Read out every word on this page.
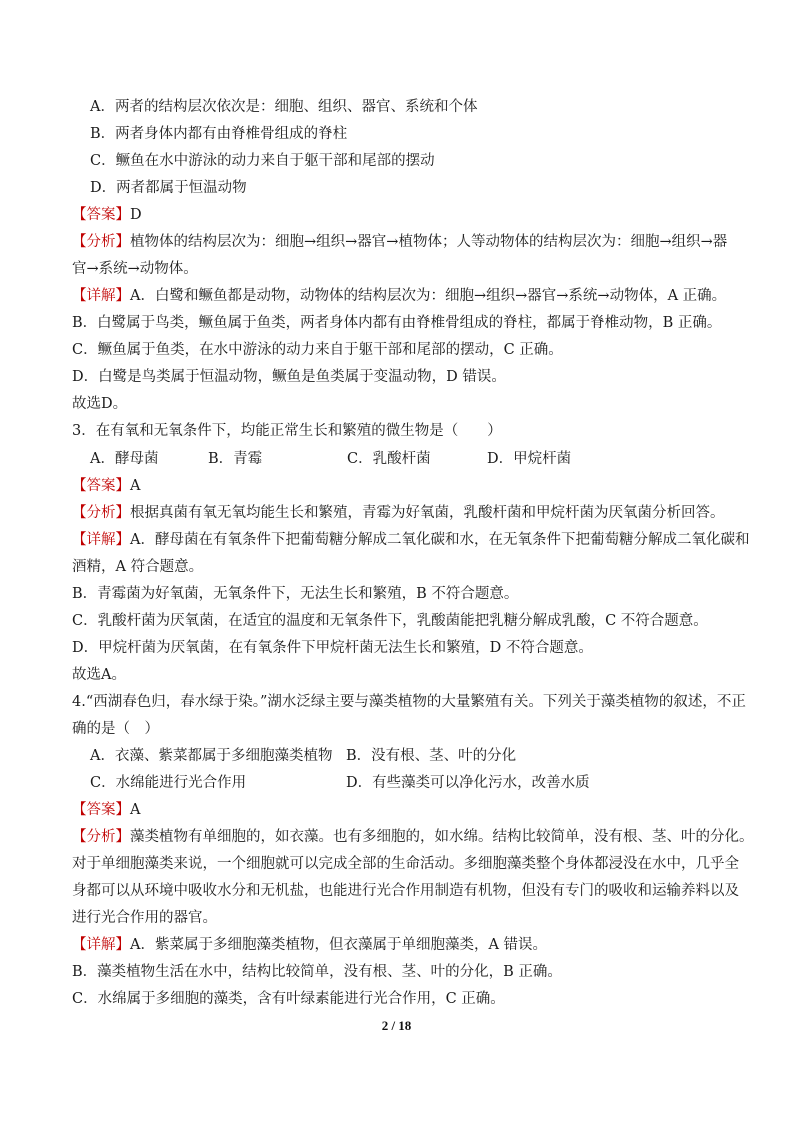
A．两者的结构层次依次是：细胞、组织、器官、系统和个体
B．两者身体内都有由脊椎骨组成的脊柱
C．鳜鱼在水中游泳的动力来自于躯干部和尾部的摆动
D．两者都属于恒温动物
【答案】D
【分析】植物体的结构层次为：细胞→组织→器官→植物体；人等动物体的结构层次为：细胞→组织→器
官→系统→动物体。
【详解】A．白鹭和鳜鱼都是动物，动物体的结构层次为：细胞→组织→器官→系统→动物体，A 正确。
B．白鹭属于鸟类，鳜鱼属于鱼类，两者身体内都有由脊椎骨组成的脊柱，都属于脊椎动物，B 正确。
C．鳜鱼属于鱼类，在水中游泳的动力来自于躯干部和尾部的摆动，C 正确。
D．白鹭是鸟类属于恒温动物，鳜鱼是鱼类属于变温动物，D 错误。
故选D。
3．在有氧和无氧条件下，均能正常生长和繁殖的微生物是（　　）
A．酵母菌	B．青霉	C．乳酸杆菌	D．甲烷杆菌
【答案】A
【分析】根据真菌有氧无氧均能生长和繁殖，青霉为好氧菌，乳酸杆菌和甲烷杆菌为厌氧菌分析回答。
【详解】A．酵母菌在有氧条件下把葡萄糖分解成二氧化碳和水，在无氧条件下把葡萄糖分解成二氧化碳和
酒精，A 符合题意。
B．青霉菌为好氧菌，无氧条件下，无法生长和繁殖，B 不符合题意。
C．乳酸杆菌为厌氧菌，在适宜的温度和无氧条件下，乳酸菌能把乳糖分解成乳酸，C 不符合题意。
D．甲烷杆菌为厌氧菌，在有氧条件下甲烷杆菌无法生长和繁殖，D 不符合题意。
故选A。
4.“西湖春色归，春水绿于染。”湖水泛绿主要与藻类植物的大量繁殖有关。下列关于藻类植物的叙述，不正
确的是（　）
A．衣藻、紫菜都属于多细胞藻类植物 B．没有根、茎、叶的分化
C．水绵能进行光合作用	D．有些藻类可以净化污水，改善水质
【答案】A
【分析】藻类植物有单细胞的，如衣藻。也有多细胞的，如水绵。结构比较简单，没有根、茎、叶的分化。
对于单细胞藻类来说，一个细胞就可以完成全部的生命活动。多细胞藻类整个身体都浸没在水中，几乎全
身都可以从环境中吸收水分和无机盐，也能进行光合作用制造有机物，但没有专门的吸收和运输养料以及
进行光合作用的器官。
【详解】A．紫菜属于多细胞藻类植物，但衣藻属于单细胞藻类，A 错误。
B．藻类植物生活在水中，结构比较简单，没有根、茎、叶的分化，B 正确。
C．水绵属于多细胞的藻类，含有叶绿素能进行光合作用，C 正确。
2 / 18
